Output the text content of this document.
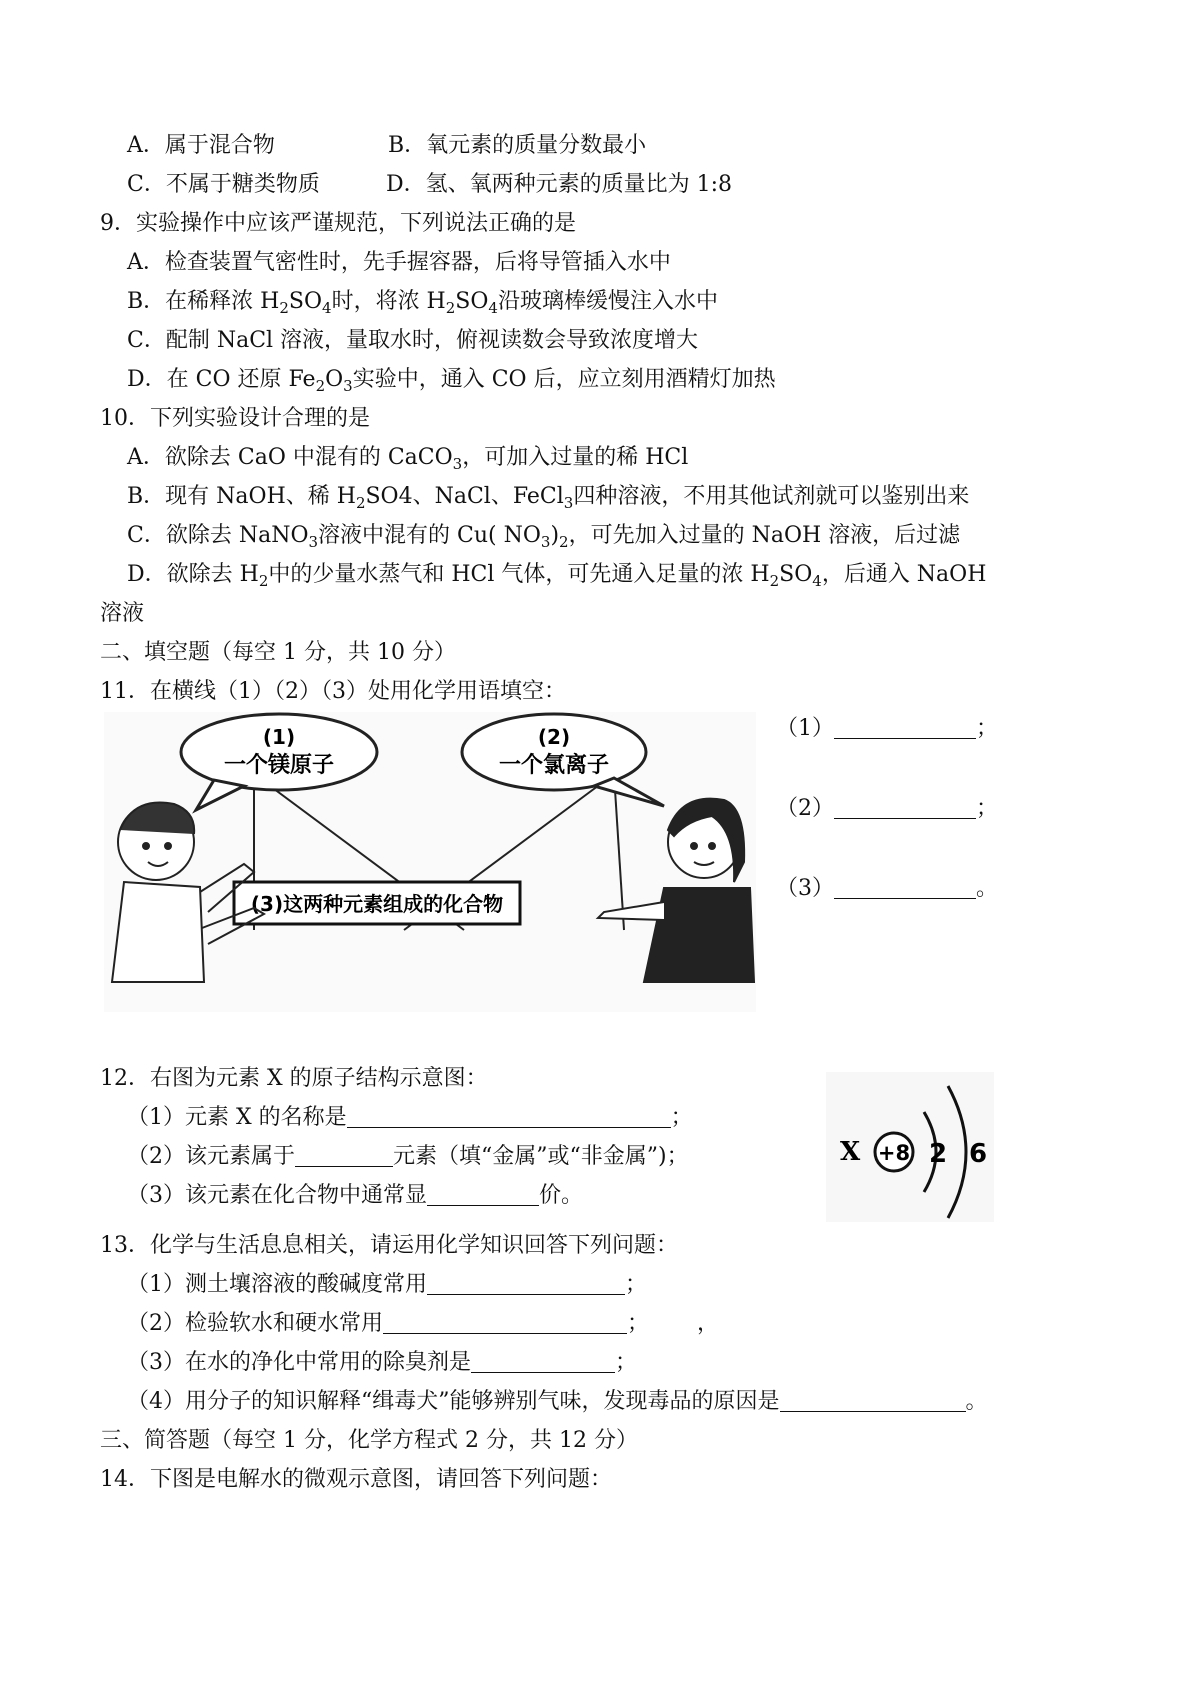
A．属于混合物	B．氧元素的质量分数最小
C．不属于糖类物质	D．氢、氧两种元素的质量比为 1:8
9．实验操作中应该严谨规范，下列说法正确的是
A．检查装置气密性时，先手握容器，后将导管插入水中
B．在稀释浓 $H_2SO_4$时，将浓 $H_2SO_4$沿玻璃棒缓慢注入水中
C．配制 NaCl 溶液，量取水时，俯视读数会导致浓度增大
D．在 CO 还原 $Fe_2O_3$实验中，通入 CO 后，应立刻用酒精灯加热
10．下列实验设计合理的是
A．欲除去 CaO 中混有的 CaCO$_3$，可加入过量的稀 HCl
B．现有 NaOH、稀 $H_2SO4$、NaCl、FeCl$_3$四种溶液，不用其他试剂就可以鉴别出来
C．欲除去 NaNO$_3$溶液中混有的 Cu( $NO_3)_2$，可先加入过量的 NaOH 溶液，后过滤
D．欲除去 $H_2$中的少量水蒸气和 HCl 气体，可先通入足量的浓 $H_2SO_4$，后通入 NaOH
溶液
二、填空题（每空 1 分，共 10 分）
11．在横线（1）（2）（3）处用化学用语填空：
(1)
一个镁原子
(2)
一个氯离子
(3)这两种元素组成的化合物
（1）	；
（2）	；
（3）	。
12．右图为元素 X 的原子结构示意图：
（1）元素 X 的名称是	；
（2）该元素属于	元素（填“金属”或“非金属”)；
（3）该元素在化合物中通常显	价。
X +8 2 6
13．化学与生活息息相关，请运用化学知识回答下列问题：
（1）测土壤溶液的酸碱度常用	；
（2）检验软水和硬水常用	； ，
（3）在水的净化中常用的除臭剂是	；
（4）用分子的知识解释“缉毒犬”能够辨别气味，发现毒品的原因是	。
三、简答题（每空 1 分，化学方程式 2 分，共 12 分）
14．下图是电解水的微观示意图，请回答下列问题：
